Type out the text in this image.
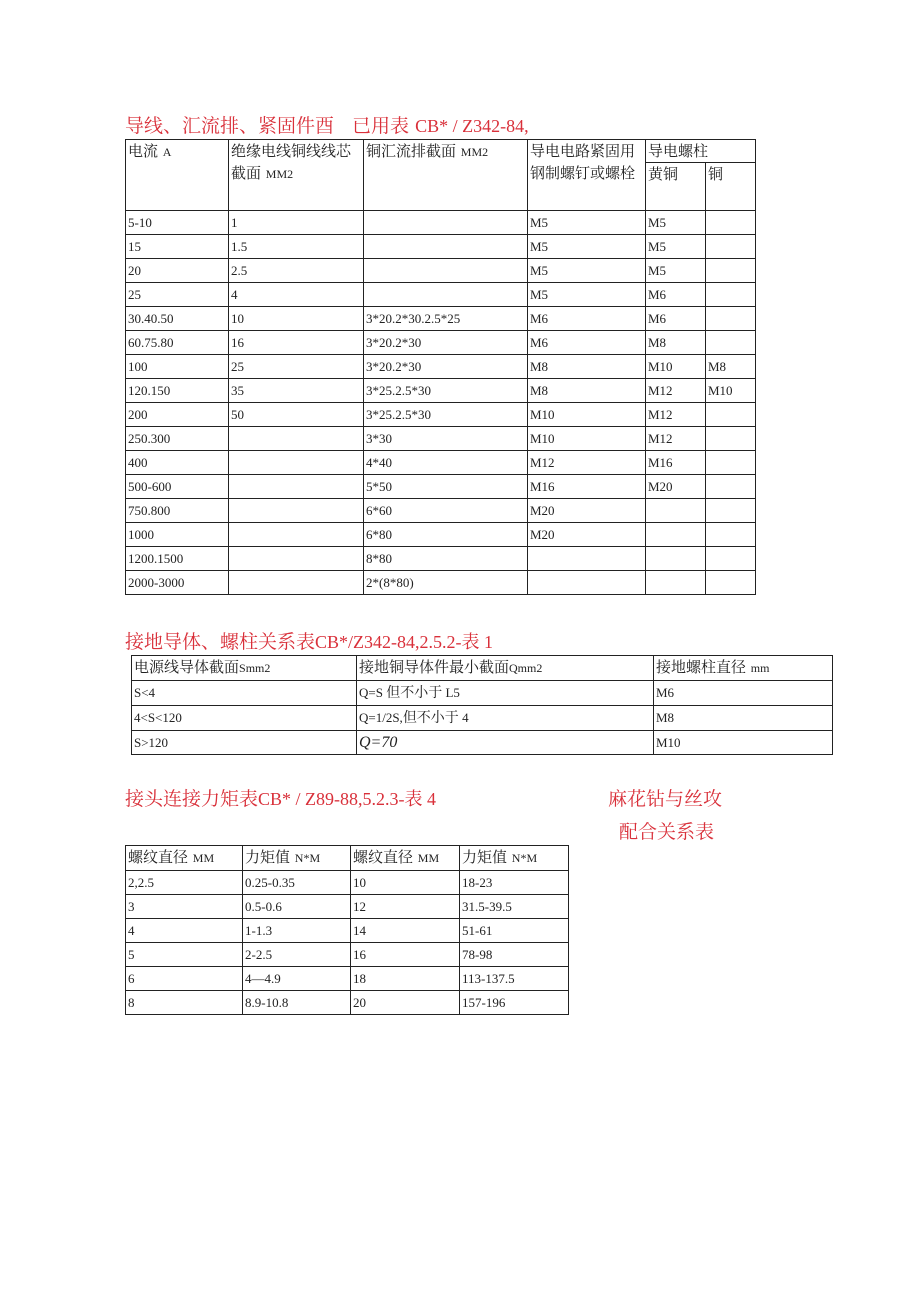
导线、汇流排、紧固件酉 已用表 CB* / Z342-84,
电流 A	绝缘电线铜线线芯截面 MM2	铜汇流排截面 MM2	导电电路紧固用钢制螺钉或螺栓	导电螺柱	
				黄铜	铜
5-10	1		M5	M5	
15	1.5		M5	M5	
20	2.5		M5	M5	
25	4		M5	M6	
30.40.50	10	3*20.2*30.2.5*25	M6	M6	
60.75.80	16	3*20.2*30	M6	M8	
100	25	3*20.2*30	M8	M10	M8
120.150	35	3*25.2.5*30	M8	M12	M10
200	50	3*25.2.5*30	M10	M12	
250.300		3*30	M10	M12	
400		4*40	M12	M16	
500-600		5*50	M16	M20	
750.800		6*60	M20		
1000		6*80	M20		
1200.1500		8*80			
2000-3000		2*(8*80)			
接地导体、螺柱关系表CB*/Z342-84,2.5.2-表 1
电源线导体截面Smm2	接地铜导体件最小截面Qmm2	接地螺柱直径 mm
S<4	Q=S 但不小于 L5	M6
4<S<120	Q=1/2S,但不小于 4	M8
S>120	Q=70	M10
接头连接力矩表CB* / Z89-88,5.2.3-表 4	麻花钻与丝攻
配合关系表
螺纹直径 MM	力矩值 N*M	螺纹直径 MM	力矩值 N*M
2,2.5	0.25-0.35	10	18-23
3	0.5-0.6	12	31.5-39.5
4	1-1.3	14	51-61
5	2-2.5	16	78-98
6	4—4.9	18	113-137.5
8	8.9-10.8	20	157-196
